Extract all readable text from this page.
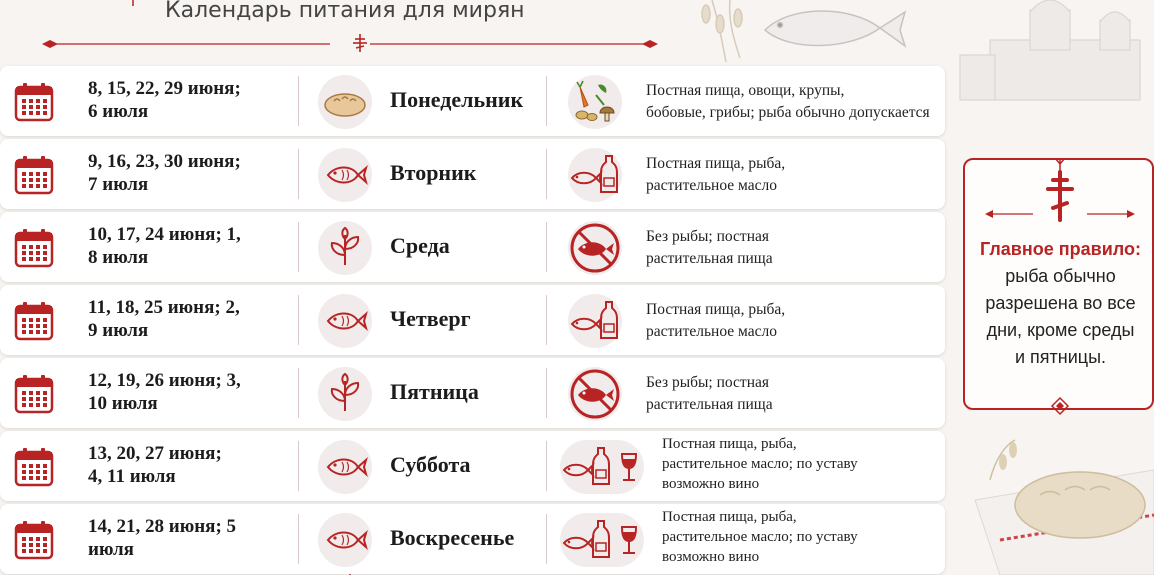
Календарь питания для мирян
8, 15, 22, 29 июня;
6 июля	Понедельник	Постная пища, овощи, крупы,
бобовые, грибы; рыба обычно допускается
9, 16, 23, 30 июня;
7 июля	Вторник	Постная пища, рыба,
растительное масло
10, 17, 24 июня; 1,
8 июля	Среда	Без рыбы; постная
растительная пища
11, 18, 25 июня; 2,
9 июля	Четверг	Постная пища, рыба,
растительное масло
12, 19, 26 июня; 3,
10 июля	Пятница	Без рыбы; постная
растительная пища
13, 20, 27 июня;
4, 11 июля	Суббота
Постная пища, рыба,
растительное масло; по уставу
возможно вино
14, 21, 28 июня; 5
июля	Воскресенье
Постная пища, рыба,
растительное масло; по уставу
возможно вино
Главное правило:
рыба обычно
разрешена во все
дни, кроме среды
и пятницы.
